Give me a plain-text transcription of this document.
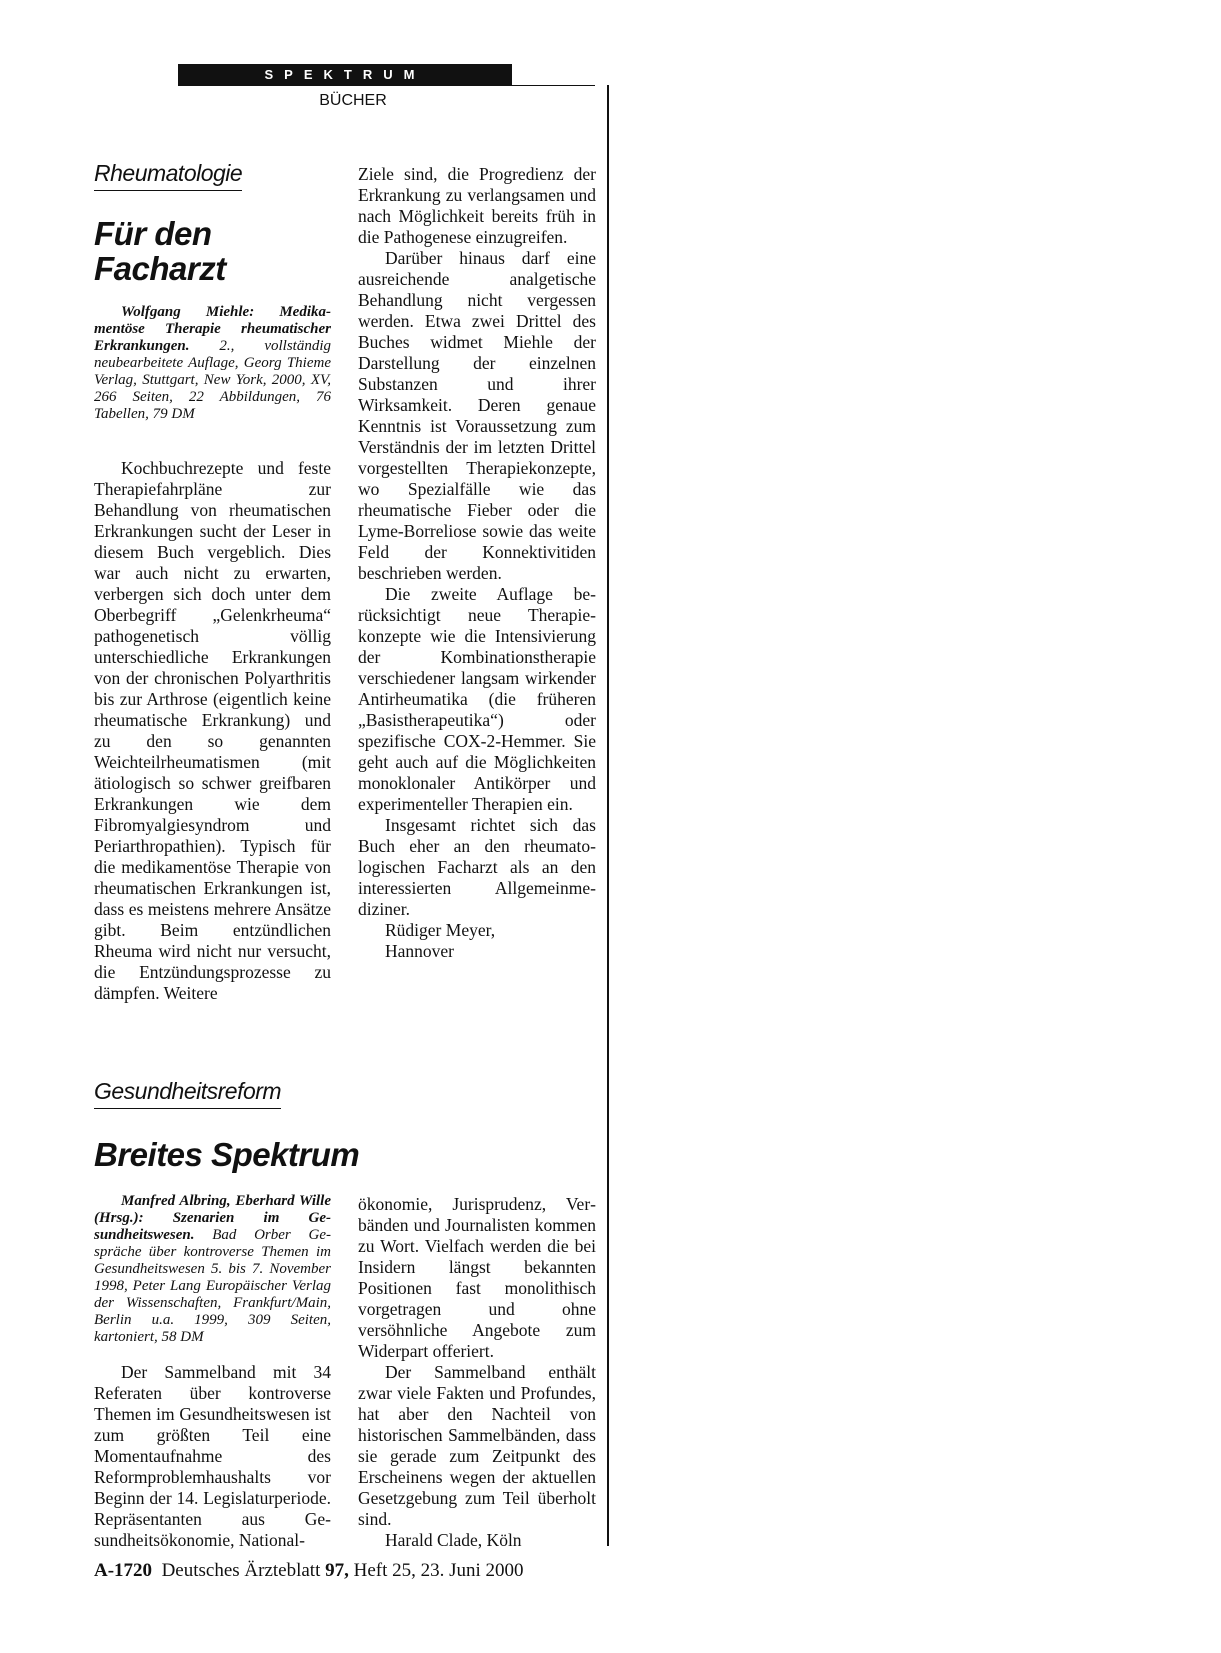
SPEKTRUM
BÜCHER
Rheumatologie
Für den
Facharzt

Wolfgang Miehle: Medikamentöse Therapie rheumatischer Erkrankungen. 2., vollständig neubearbeitete Auflage, Georg Thieme Verlag, Stuttgart, New York, 2000, XV, 266 Seiten, 22 Abbildungen, 76 Tabellen, 79 DM

Kochbuchrezepte und feste Therapiefahrpläne zur Behandlung von rheumatischen Erkrankungen sucht der Leser in diesem Buch vergeblich. Dies war auch nicht zu erwarten, verbergen sich doch unter dem Oberbegriff „Gelenkrheuma“ pathogenetisch völlig unterschiedliche Erkrankungen von der chronischen Polyarthritis bis zur Arthrose (eigentlich keine rheumatische Erkrankung) und zu den so genannten Weichteilrheumatismen (mit ätiologisch so schwer greifbaren Erkrankungen wie dem Fibromyalgiesyndrom und Periarthropathien). Typisch für die medikamentöse Therapie von rheumatischen Erkrankungen ist, dass es meistens mehrere Ansätze gibt. Beim entzündlichen Rheuma wird nicht nur versucht, die Entzündungsprozesse zu dämpfen. Weitere

Ziele sind, die Progredienz der Erkrankung zu verlangsamen und nach Möglichkeit bereits früh in die Pathogenese einzugreifen.

Darüber hinaus darf eine ausreichende analgetische Behandlung nicht vergessen werden. Etwa zwei Drittel des Buches widmet Miehle der Darstellung der einzelnen Substanzen und ihrer Wirksamkeit. Deren genaue Kenntnis ist Voraussetzung zum Verständnis der im letzten Drittel vorgestellten Therapiekonzepte, wo Spezialfälle wie das rheumatische Fieber oder die Lyme-Borreliose sowie das weite Feld der Konnektivitiden beschrieben werden.

Die zweite Auflage berücksichtigt neue Therapiekonzepte wie die Intensivierung der Kombinationstherapie verschiedener langsam wirkender Antirheumatika (die früheren „Basistherapeutika“) oder spezifische COX-2-Hemmer. Sie geht auch auf die Möglichkeiten monoklonaler Antikörper und experimenteller Therapien ein.

Insgesamt richtet sich das Buch eher an den rheumatologischen Facharzt als an den interessierten Allgemeinmediziner.

Rüdiger Meyer,

Hannover

Gesundheitsreform
Breites Spektrum

Manfred Albring, Eberhard Wille (Hrsg.): Szenarien im Gesundheitswesen. Bad Orber Gespräche über kontroverse Themen im Gesundheitswesen 5. bis 7. November 1998, Peter Lang Europäischer Verlag der Wissenschaften, Frankfurt/Main, Berlin u.a. 1999, 309 Seiten, kartoniert, 58 DM

Der Sammelband mit 34 Referaten über kontroverse Themen im Gesundheitswesen ist zum größten Teil eine Momentaufnahme des Reformproblemhaushalts vor Beginn der 14. Legislaturperiode. Repräsentanten aus Gesundheitsökonomie, National-

ökonomie, Jurisprudenz, Verbänden und Journalisten kommen zu Wort. Vielfach werden die bei Insidern längst bekannten Positionen fast monolithisch vorgetragen und ohne versöhnliche Angebote zum Widerpart offeriert.

Der Sammelband enthält zwar viele Fakten und Profundes, hat aber den Nachteil von historischen Sammelbänden, dass sie gerade zum Zeitpunkt des Erscheinens wegen der aktuellen Gesetzgebung zum Teil überholt sind.

Harald Clade, Köln

A-1720 Deutsches Ärzteblatt 97, Heft 25, 23. Juni 2000
